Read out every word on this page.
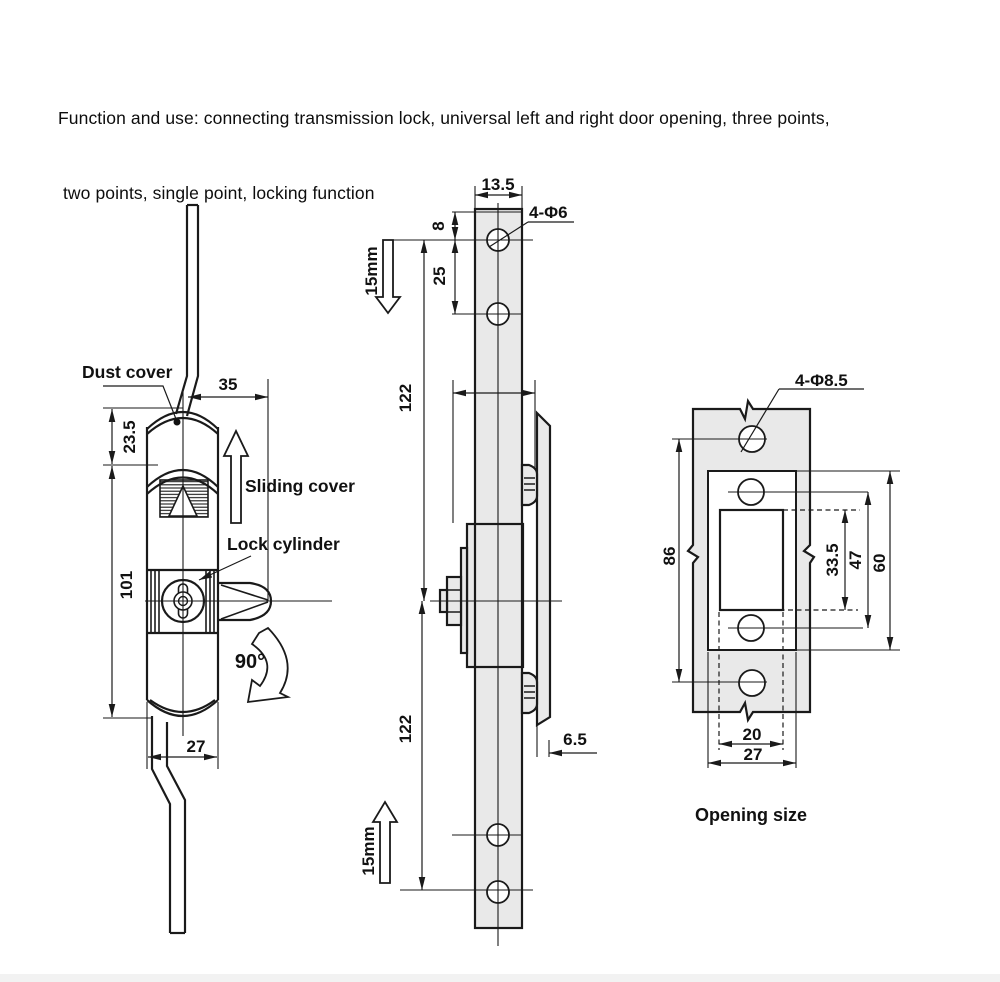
Function and use: connecting transmission lock, universal left and right door opening, three points,

two points, single point, locking function

Dust cover
Sliding cover
Lock cylinder
90°
35
23.5
101
27
13.5
4-Φ6
8
25
15mm
122
122
15mm
6.5
4-Φ8.5
86	33.5 47 60
20
27
Opening size
